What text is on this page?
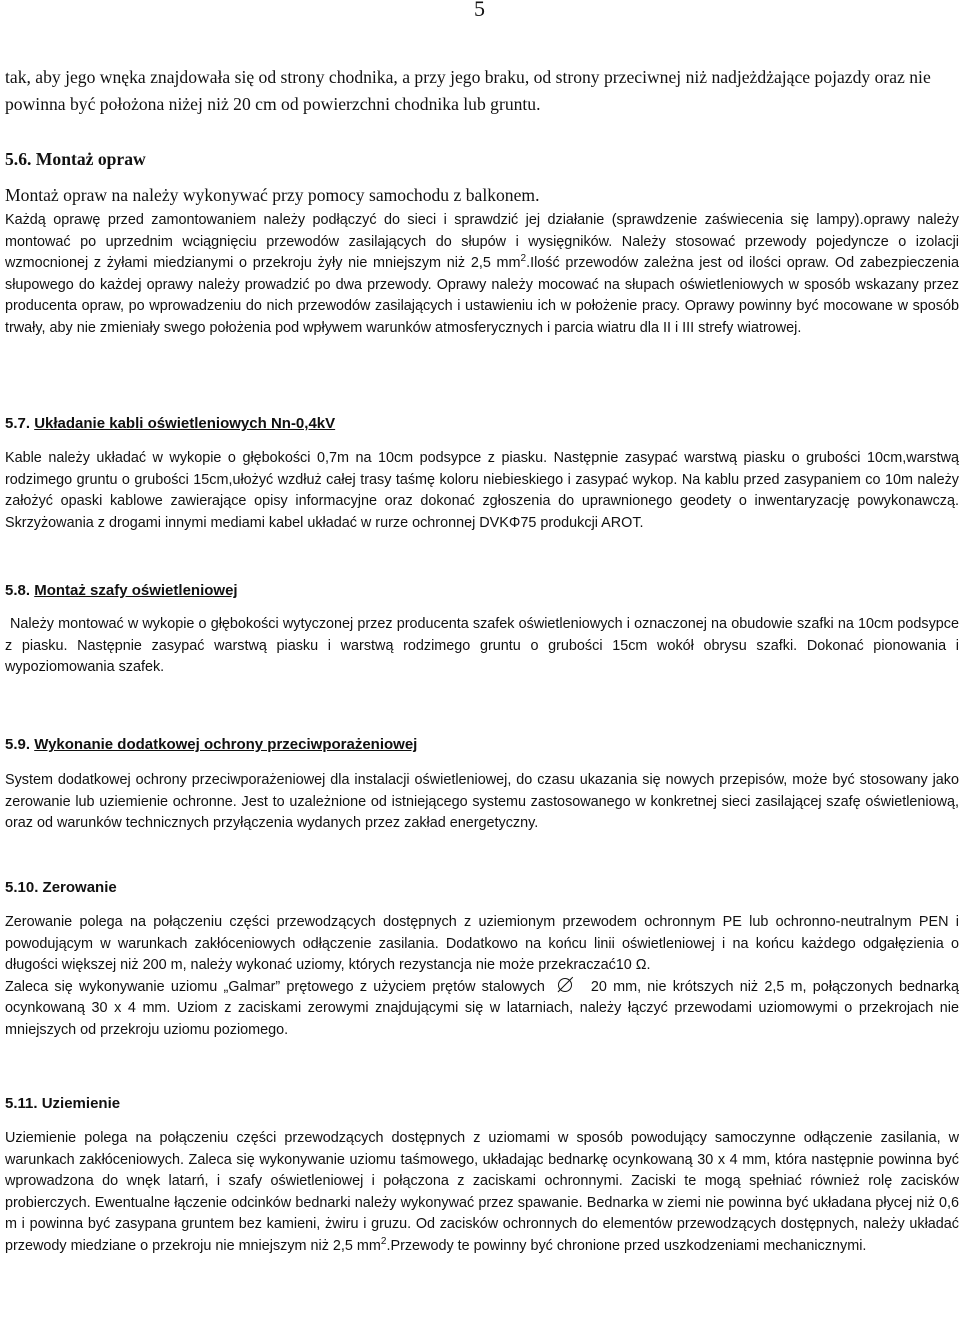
5

tak, aby jego wnęka znajdowała się od strony chodnika, a przy jego braku, od strony przeciwnej niż nadjeżdżające pojazdy oraz nie powinna być położona niżej niż 20 cm od powierzchni chodnika lub gruntu.

5.6. Montaż opraw

Montaż opraw na należy wykonywać przy pomocy samochodu z balkonem.

Każdą oprawę przed zamontowaniem należy podłączyć do sieci i sprawdzić jej działanie (sprawdzenie zaświecenia się lampy).oprawy należy montować po uprzednim wciągnięciu przewodów zasilających do słupów i wysięgników. Należy stosować przewody pojedyncze o izolacji wzmocnionej z żyłami miedzianymi o przekroju żyły nie mniejszym niż 2,5 $mm^2.Ilość$ przewodów zależna jest od ilości opraw. Od zabezpieczenia słupowego do każdej oprawy należy prowadzić po dwa przewody. Oprawy należy mocować na słupach oświetleniowych w sposób wskazany przez producenta opraw, po wprowadzeniu do nich przewodów zasilających i ustawieniu ich w położenie pracy. Oprawy powinny być mocowane w sposób trwały, aby nie zmieniały swego położenia pod wpływem warunków atmosferycznych i parcia wiatru dla II i III strefy wiatrowej.

5.7. Układanie kabli oświetleniowych Nn-0,4kV

Kable należy układać w wykopie o głębokości 0,7m na 10cm podsypce z piasku. Następnie zasypać warstwą piasku o grubości 10cm,warstwą rodzimego gruntu o grubości 15cm,ułożyć wzdłuż całej trasy taśmę koloru niebieskiego i zasypać wykop. Na kablu przed zasypaniem co 10m należy założyć opaski kablowe zawierające opisy informacyjne oraz dokonać zgłoszenia do uprawnionego geodety o inwentaryzację powykonawczą. Skrzyżowania z drogami innymi mediami kabel układać w rurze ochronnej DVKΦ75 produkcji AROT.

5.8. Montaż szafy oświetleniowej

Należy montować w wykopie o głębokości wytyczonej przez producenta szafek oświetleniowych i oznaczonej na obudowie szafki na 10cm podsypce z piasku. Następnie zasypać warstwą piasku i warstwą rodzimego gruntu o grubości 15cm wokół obrysu szafki. Dokonać pionowania i wypoziomowania szafek.

5.9. Wykonanie dodatkowej ochrony przeciwporażeniowej

System dodatkowej ochrony przeciwporażeniowej dla instalacji oświetleniowej, do czasu ukazania się nowych przepisów, może być stosowany jako zerowanie lub uziemienie ochronne. Jest to uzależnione od istniejącego systemu zastosowanego w konkretnej sieci zasilającej szafę oświetleniową, oraz od warunków technicznych przyłączenia wydanych przez zakład energetyczny.

5.10. Zerowanie

Zerowanie polega na połączeniu części przewodzących dostępnych z uziemionym przewodem ochronnym PE lub ochronno-neutralnym PEN i powodującym w warunkach zakłóceniowych odłączenie zasilania. Dodatkowo na końcu linii oświetleniowej i na końcu każdego odgałęzienia o długości większej niż 200 m, należy wykonać uziomy, których rezystancja nie może przekraczać10 Ω.

Zaleca się wykonywanie uziomu „Galmar” prętowego z użyciem prętów stalowych	20 mm, nie krótszych niż 2,5 m, połączonych bednarką ocynkowaną 30 x 4 mm. Uziom z zaciskami zerowymi znajdującymi się w latarniach, należy łączyć przewodami uziomowymi o przekrojach nie mniejszych od przekroju uziomu poziomego.

5.11. Uziemienie

Uziemienie polega na połączeniu części przewodzących dostępnych z uziomami w sposób powodujący samoczynne odłączenie zasilania, w warunkach zakłóceniowych. Zaleca się wykonywanie uziomu taśmowego, układając bednarkę ocynkowaną 30 x 4 mm, która następnie powinna być wprowadzona do wnęk latarń, i szafy oświetleniowej i połączona z zaciskami ochronnymi. Zaciski te mogą spełniać również rolę zacisków probierczych. Ewentualne łączenie odcinków bednarki należy wykonywać przez spawanie. Bednarka w ziemi nie powinna być układana płycej niż 0,6 m i powinna być zasypana gruntem bez kamieni, żwiru i gruzu. Od zacisków ochronnych do elementów przewodzących dostępnych, należy układać przewody miedziane o przekroju nie mniejszym niż 2,5 $mm^2.Przewody$ te powinny być chronione przed uszkodzeniami mechanicznymi.
